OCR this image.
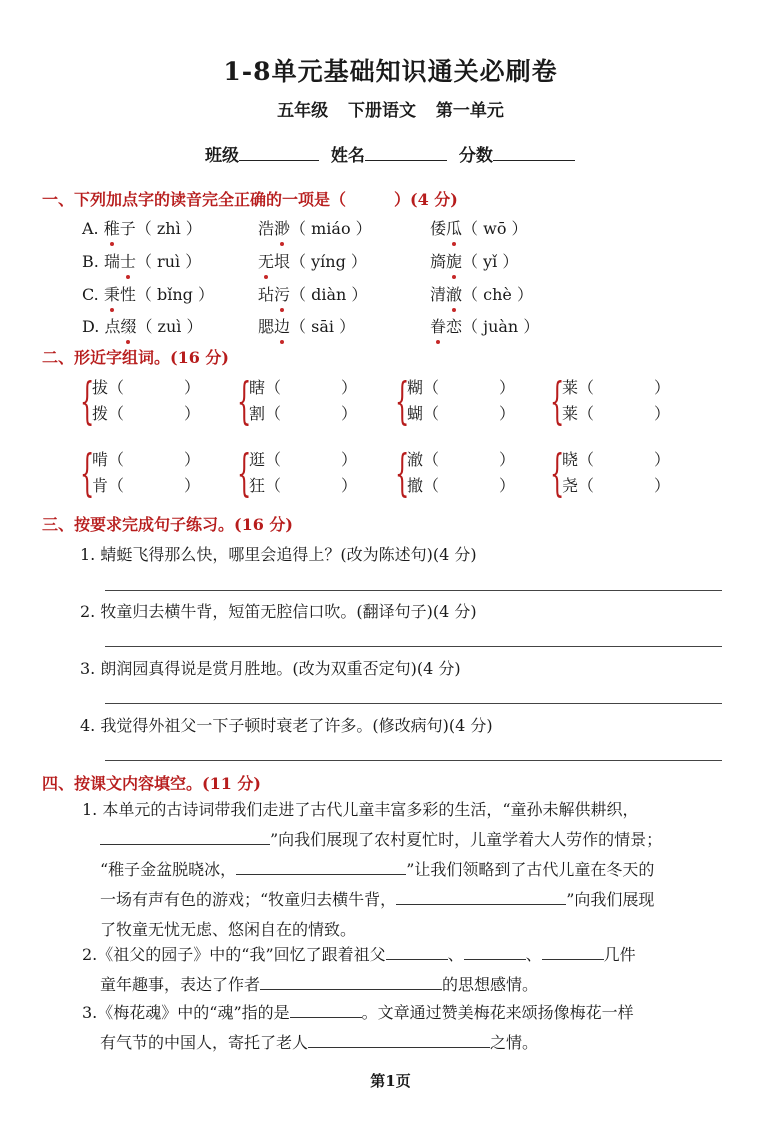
1-8单元基础知识通关必刷卷
五年级 下册语文 第一单元
班级	姓名	分数
一、下列加点字的读音完全正确的一项是（　　　）(4 分)
A. 稚子（ zhì ）	浩渺（ miáo ）	倭瓜（ wō ）
B. 瑞士（ ruì ）	无垠（ yíng ）	旖旎（ yǐ ）
C. 秉性（ bǐng ）	玷污（ diàn ）	清澈（ chè ）
D. 点缀（ zuì ）	腮边（ sāi ）	眷恋（ juàn ）
二、形近字组词。(16 分)
{
拔（	）
拨（	） {
瞎（	）
割（	） {
糊（	）
蝴（	） {
莱（	）
莱（	）
{
啃（	）
肯（	） {
逛（	）
狂（	） {
澈（	）
撤（	） {
晓（	）
尧（	）
三、按要求完成句子练习。(16 分)
1. 蜻蜓飞得那么快，哪里会追得上？(改为陈述句)(4 分)
2. 牧童归去横牛背，短笛无腔信口吹。(翻译句子)(4 分)
3. 朗润园真得说是赏月胜地。(改为双重否定句)(4 分)
4. 我觉得外祖父一下子顿时衰老了许多。(修改病句)(4 分)
四、按课文内容填空。(11 分)
1. 本单元的古诗词带我们走进了古代儿童丰富多彩的生活，“童孙未解供耕织，
”向我们展现了农村夏忙时，儿童学着大人劳作的情景；
“稚子金盆脱晓冰，	”让我们领略到了古代儿童在冬天的
一场有声有色的游戏；“牧童归去横牛背，	”向我们展现
了牧童无忧无虑、悠闲自在的情致。
2.《祖父的园子》中的“我”回忆了跟着祖父	、	、	几件
童年趣事，表达了作者	的思想感情。
3.《梅花魂》中的“魂”指的是	。文章通过赞美梅花来颂扬像梅花一样
有气节的中国人，寄托了老人	之情。
第1页
